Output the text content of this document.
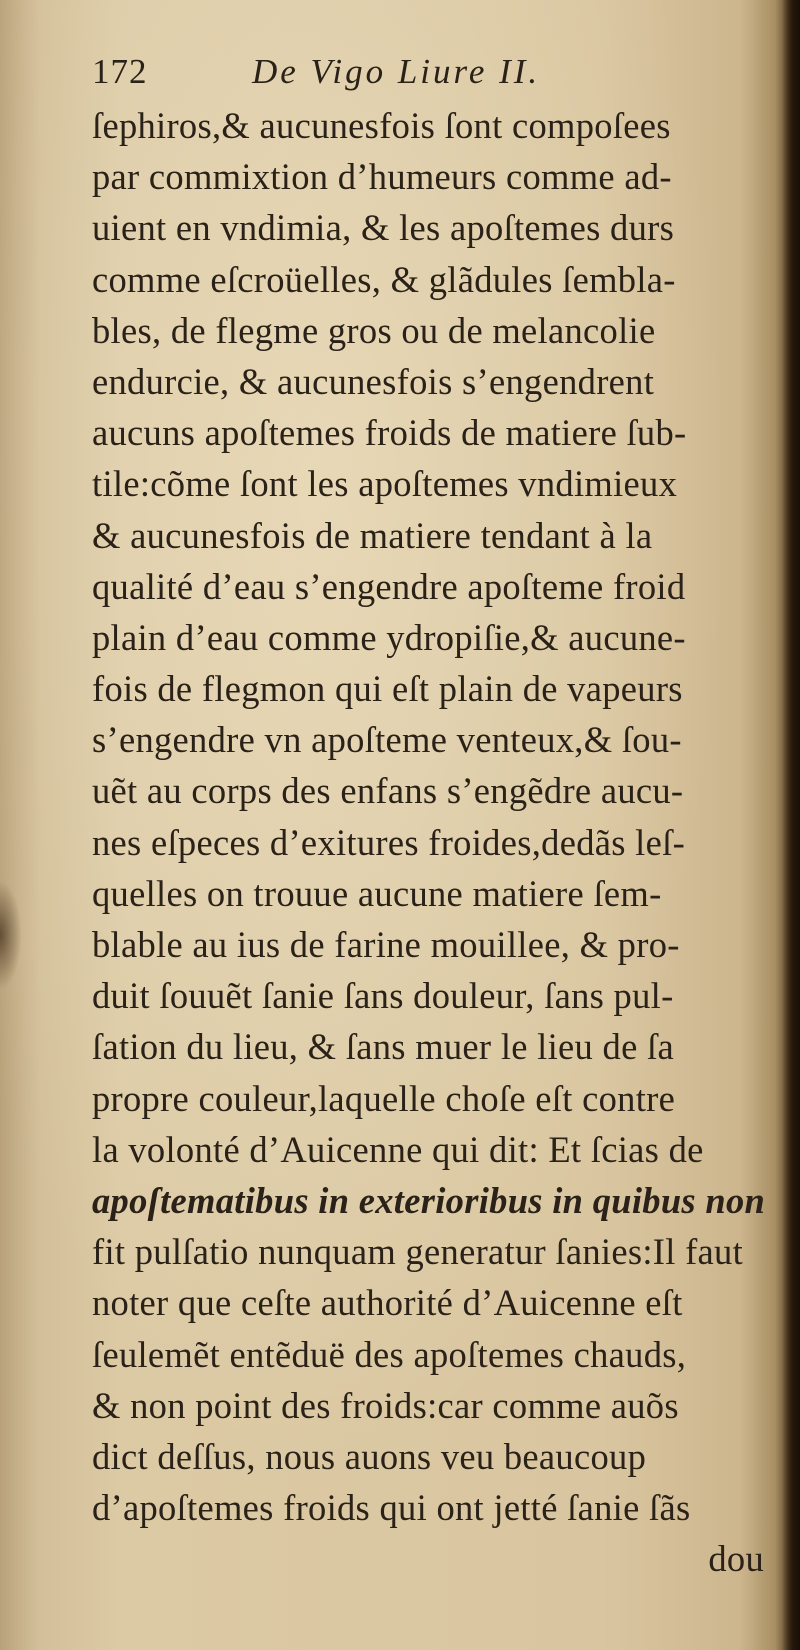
172	De Vigo Liure II.
ſephiros,& aucunesfois ſont compoſees
par commixtion d’humeurs comme ad-
uient en vndimia, & les apoſtemes durs
comme eſcroüelles, & glãdules ſembla-
bles, de flegme gros ou de melancolie
endurcie, & aucunesfois s’engendrent
aucuns apoſtemes froids de matiere ſub-
tile:cõme ſont les apoſtemes vndimieux
& aucunesfois de matiere tendant à la
qualité d’eau s’engendre apoſteme froid
plain d’eau comme ydropiſie,& aucune-
fois de flegmon qui eſt plain de vapeurs
s’engendre vn apoſteme venteux,& ſou-
uẽt au corps des enfans s’engẽdre aucu-
nes eſpeces d’exitures froides,dedãs leſ-
quelles on trouue aucune matiere ſem-
blable au ius de farine mouillee, & pro-
duit ſouuẽt ſanie ſans douleur, ſans pul-
ſation du lieu, & ſans muer le lieu de ſa
propre couleur,laquelle choſe eſt contre
la volonté d’Auicenne qui dit: Et ſcias de
apoſtematibus in exterioribus in quibus non
fit pulſatio nunquam generatur ſanies:Il faut
noter que ceſte authorité d’Auicenne eſt
ſeulemẽt entẽduë des apoſtemes chauds,
& non point des froids:car comme auõs
dict deſſus, nous auons veu beaucoup
d’apoſtemes froids qui ont jetté ſanie ſãs
dou
